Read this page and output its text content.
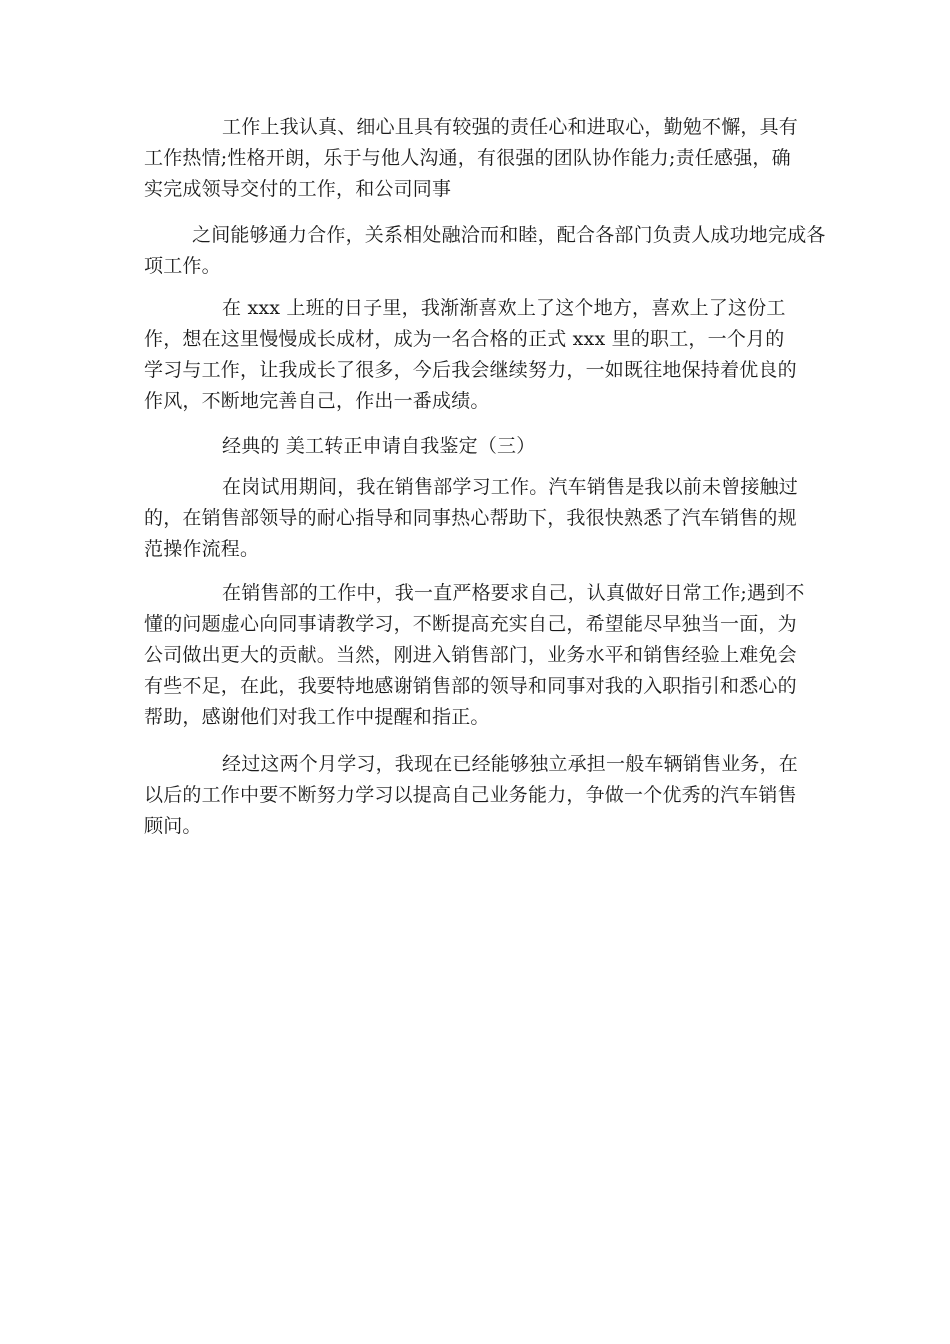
工作上我认真、细心且具有较强的责任心和进取心，勤勉不懈，具有工作热情;性格开朗，乐于与他人沟通，有很强的团队协作能力;责任感强，确实完成领导交付的工作，和公司同事

之间能够通力合作，关系相处融洽而和睦，配合各部门负责人成功地完成各项工作。

在 xxx 上班的日子里，我渐渐喜欢上了这个地方，喜欢上了这份工作，想在这里慢慢成长成材，成为一名合格的正式 xxx 里的职工，一个月的学习与工作，让我成长了很多，今后我会继续努力，一如既往地保持着优良的作风，不断地完善自己，作出一番成绩。

经典的 美工转正申请自我鉴定（三）

在岗试用期间，我在销售部学习工作。汽车销售是我以前未曾接触过的，在销售部领导的耐心指导和同事热心帮助下，我很快熟悉了汽车销售的规范操作流程。

在销售部的工作中，我一直严格要求自己，认真做好日常工作;遇到不懂的问题虚心向同事请教学习，不断提高充实自己，希望能尽早独当一面，为公司做出更大的贡献。当然，刚进入销售部门，业务水平和销售经验上难免会有些不足，在此，我要特地感谢销售部的领导和同事对我的入职指引和悉心的帮助，感谢他们对我工作中提醒和指正。

经过这两个月学习，我现在已经能够独立承担一般车辆销售业务，在以后的工作中要不断努力学习以提高自己业务能力，争做一个优秀的汽车销售顾问。
